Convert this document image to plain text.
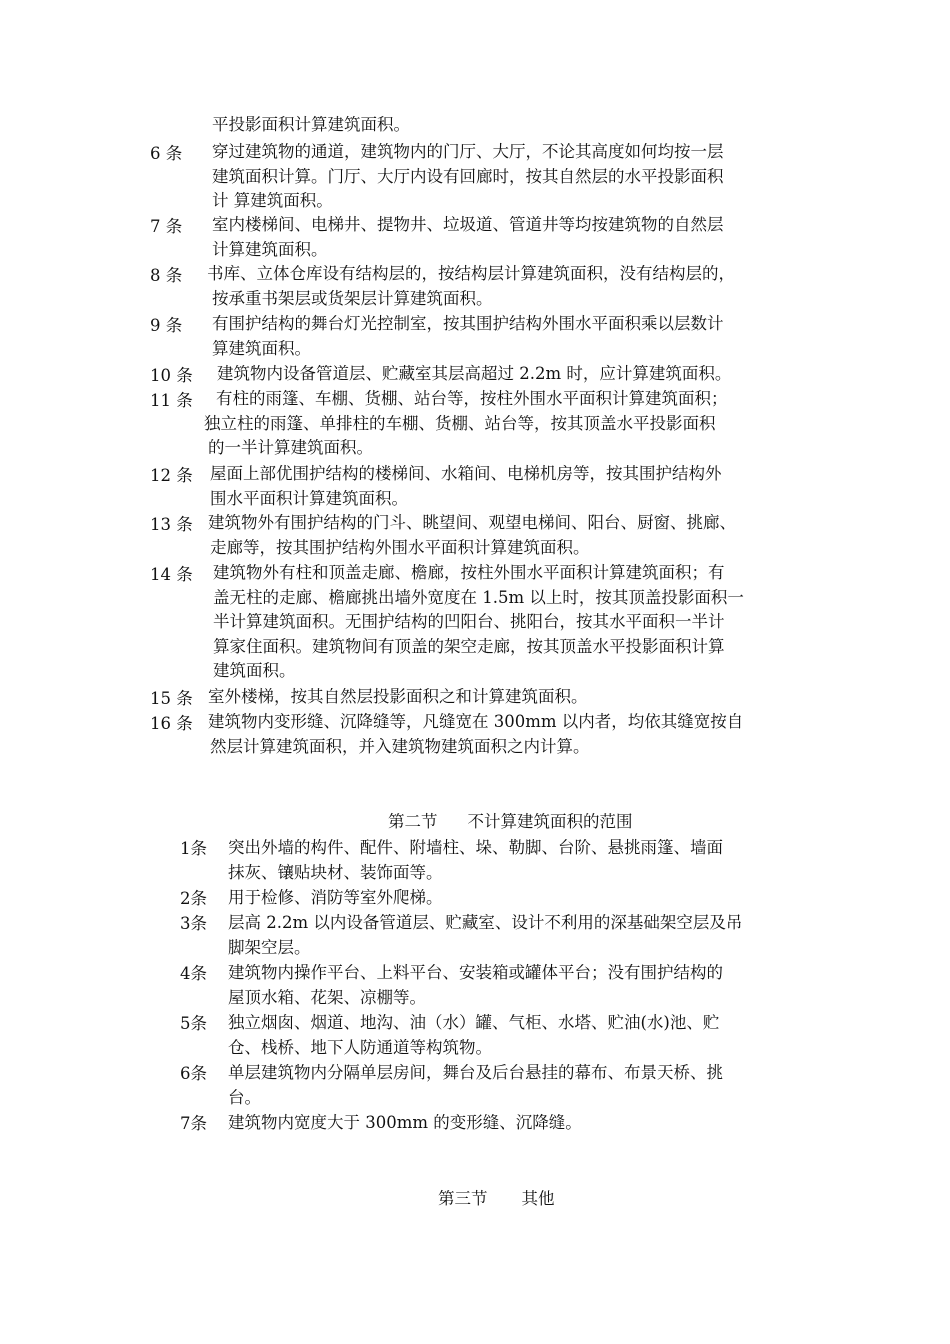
平投影面积计算建筑面积。
6 条	穿过建筑物的通道，建筑物内的门厅、大厅，不论其高度如何均按一层
建筑面积计算。门厅、大厅内设有回廊时，按其自然层的水平投影面积
计 算建筑面积。
7 条	室内楼梯间、电梯井、提物井、垃圾道、管道井等均按建筑物的自然层
计算建筑面积。
8 条	书库、立体仓库设有结构层的，按结构层计算建筑面积，没有结构层的，
按承重书架层或货架层计算建筑面积。
9 条	有围护结构的舞台灯光控制室，按其围护结构外围水平面积乘以层数计
算建筑面积。
10 条	建筑物内设备管道层、贮藏室其层高超过 2.2m 时，应计算建筑面积。
11 条	有柱的雨篷、车棚、货棚、站台等，按柱外围水平面积计算建筑面积；
独立柱的雨篷、单排柱的车棚、货棚、站台等，按其顶盖水平投影面积
的一半计算建筑面积。
12 条	屋面上部优围护结构的楼梯间、水箱间、电梯机房等，按其围护结构外
围水平面积计算建筑面积。
13 条 建筑物外有围护结构的门斗、眺望间、观望电梯间、阳台、厨窗、挑廊、
走廊等，按其围护结构外围水平面积计算建筑面积。
14 条	建筑物外有柱和顶盖走廊、檐廊，按柱外围水平面积计算建筑面积；有
盖无柱的走廊、檐廊挑出墙外宽度在 1.5m 以上时，按其顶盖投影面积一
半计算建筑面积。无围护结构的凹阳台、挑阳台，按其水平面积一半计
算家住面积。建筑物间有顶盖的架空走廊，按其顶盖水平投影面积计算
建筑面积。
15 条 室外楼梯，按其自然层投影面积之和计算建筑面积。
16 条 建筑物内变形缝、沉降缝等，凡缝宽在 300mm 以内者，均依其缝宽按自
然层计算建筑面积，并入建筑物建筑面积之内计算。
第二节 不计算建筑面积的范围
1条	突出外墙的构件、配件、附墙柱、垛、勒脚、台阶、悬挑雨篷、墙面
抹灰、镶贴块材、装饰面等。
2条	用于检修、消防等室外爬梯。
3条	层高 2.2m 以内设备管道层、贮藏室、设计不利用的深基础架空层及吊
脚架空层。
4条	建筑物内操作平台、上料平台、安装箱或罐体平台；没有围护结构的
屋顶水箱、花架、凉棚等。
5条	独立烟囱、烟道、地沟、油（水）罐、气柜、水塔、贮油(水)池、贮
仓、栈桥、地下人防通道等构筑物。
6条	单层建筑物内分隔单层房间，舞台及后台悬挂的幕布、布景天桥、挑
台。
7条	建筑物内宽度大于 300mm 的变形缝、沉降缝。
第三节 其他
